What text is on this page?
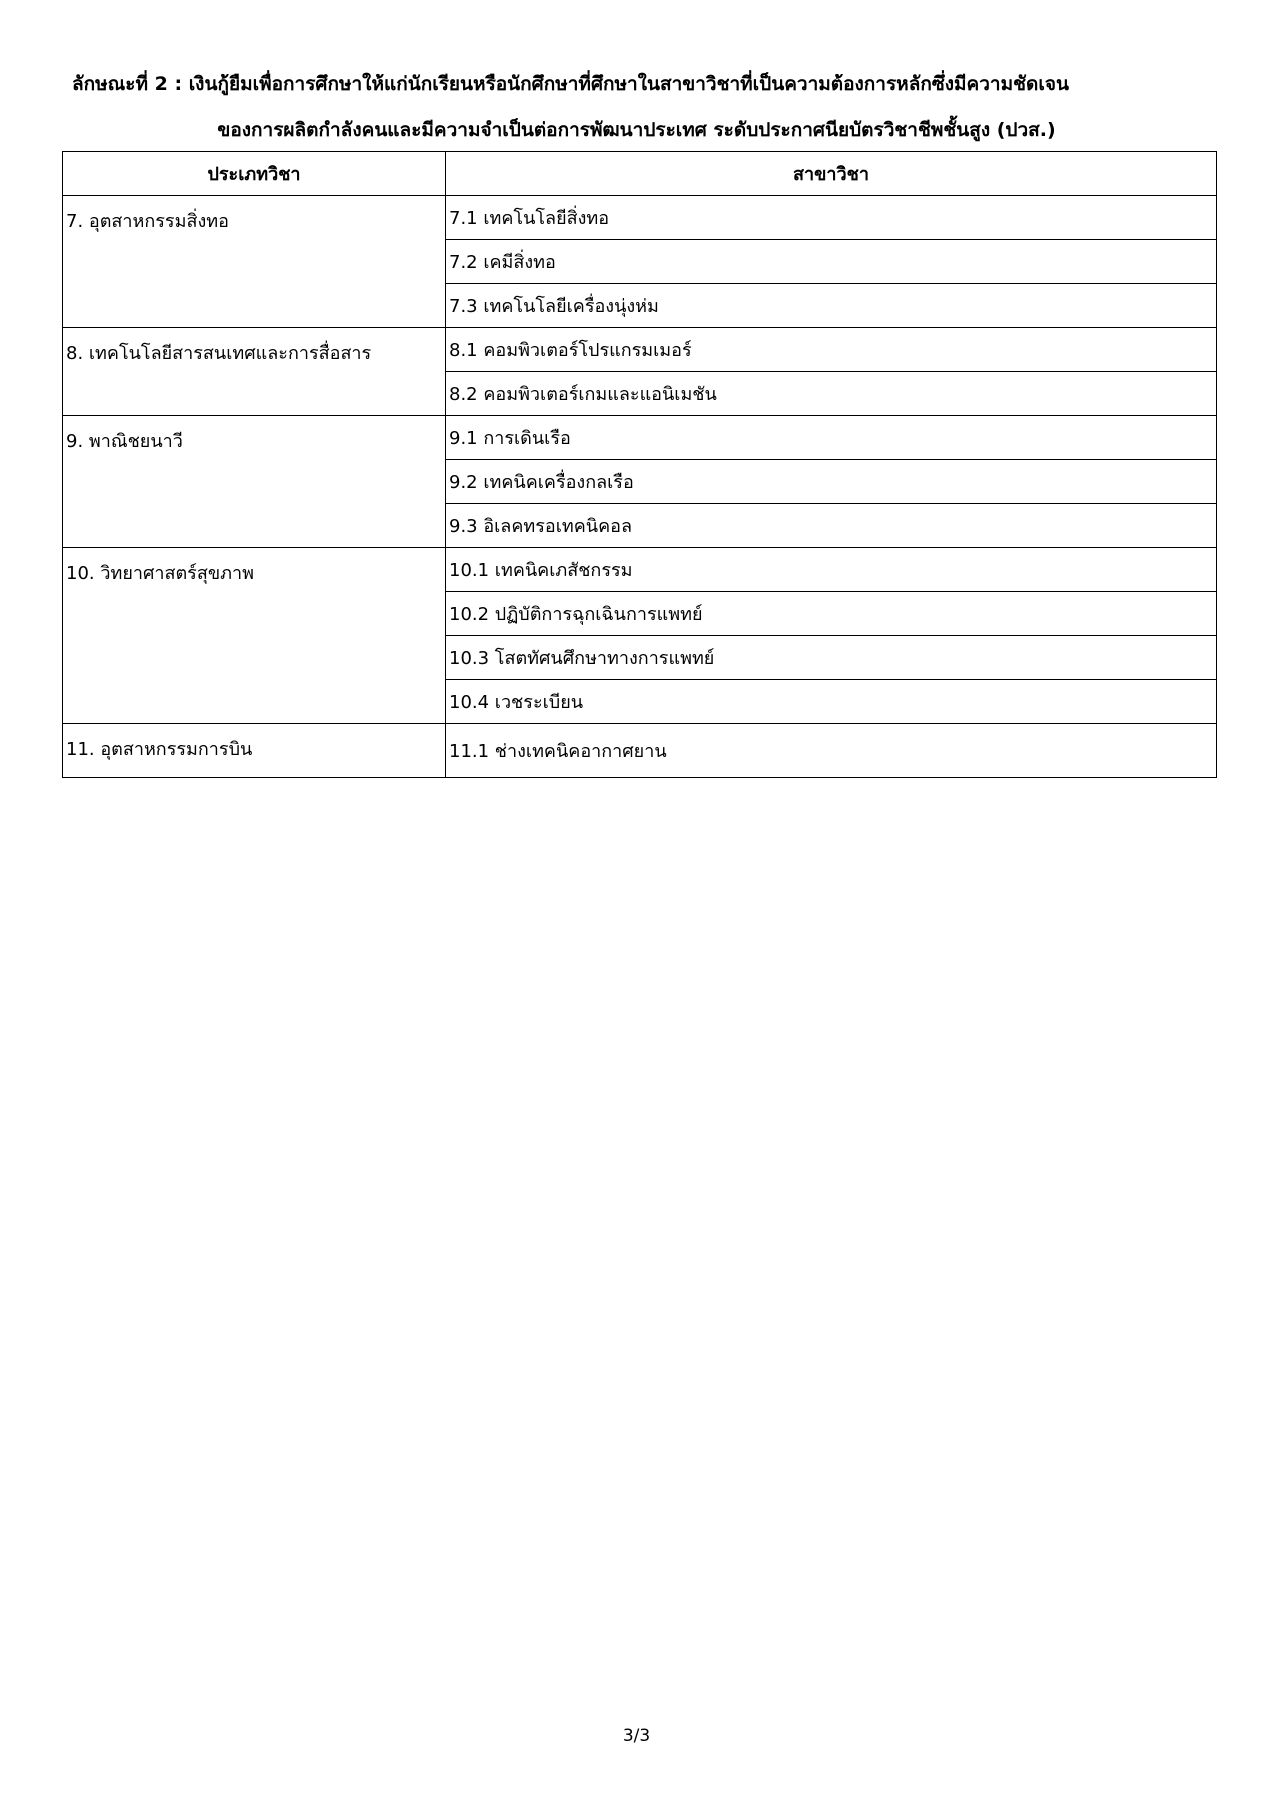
ลักษณะที่ 2 : เงินกู้ยืมเพื่อการศึกษาให้แก่นักเรียนหรือนักศึกษาที่ศึกษาในสาขาวิชาที่เป็นความต้องการหลักซึ่งมีความชัดเจน
ของการผลิตกำลังคนและมีความจำเป็นต่อการพัฒนาประเทศ ระดับประกาศนียบัตรวิชาชีพชั้นสูง (ปวส.)
ประเภทวิชา	สาขาวิชา
7. อุตสาหกรรมสิ่งทอ	7.1 เทคโนโลยีสิ่งทอ
	7.2 เคมีสิ่งทอ
	7.3 เทคโนโลยีเครื่องนุ่งห่ม
8. เทคโนโลยีสารสนเทศและการสื่อสาร	8.1 คอมพิวเตอร์โปรแกรมเมอร์
	8.2 คอมพิวเตอร์เกมและแอนิเมชัน
9. พาณิชยนาวี	9.1 การเดินเรือ
	9.2 เทคนิคเครื่องกลเรือ
	9.3 อิเลคทรอเทคนิคอล
10. วิทยาศาสตร์สุขภาพ	10.1 เทคนิคเภสัชกรรม
	10.2 ปฏิบัติการฉุกเฉินการแพทย์
	10.3 โสตทัศนศึกษาทางการแพทย์
	10.4 เวชระเบียน
11. อุตสาหกรรมการบิน	11.1 ช่างเทคนิคอากาศยาน
3/3
